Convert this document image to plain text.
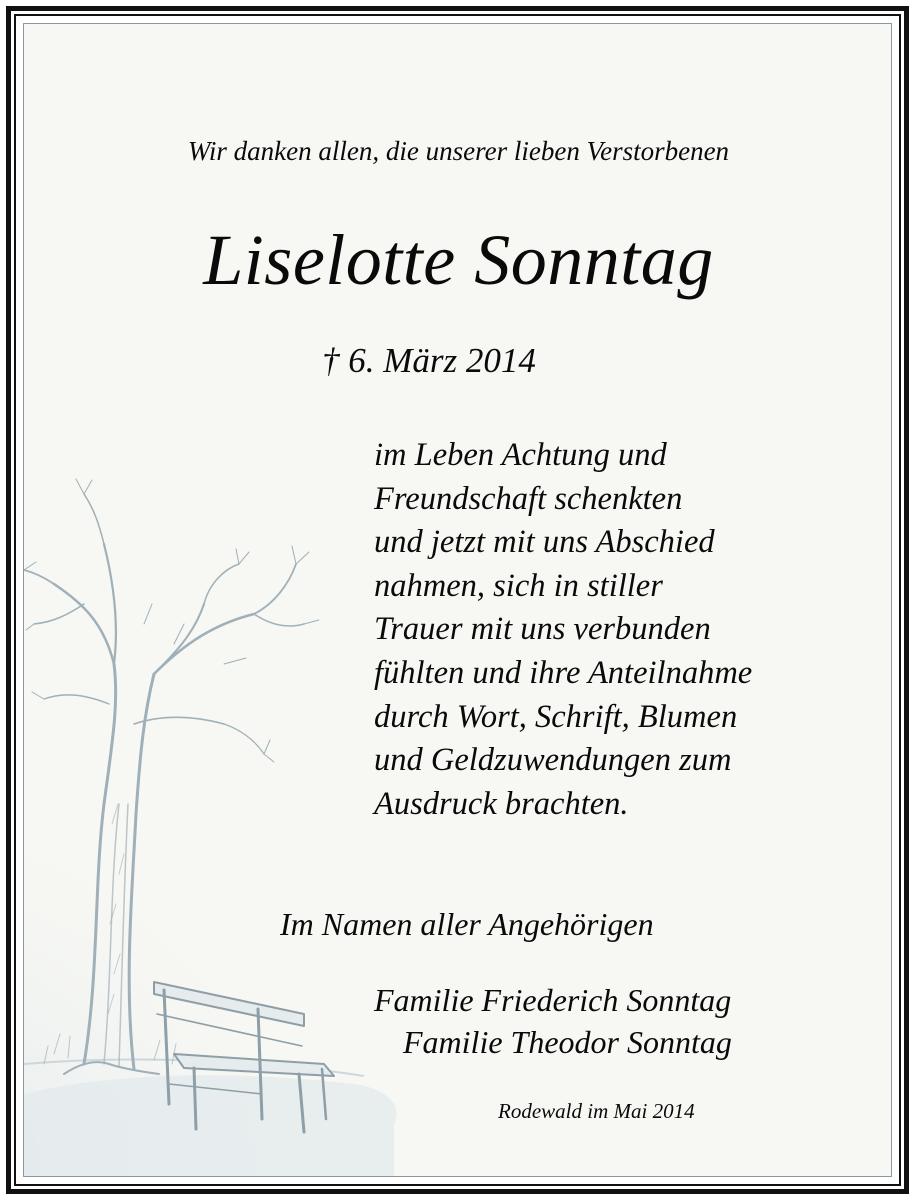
Wir danken allen, die unserer lieben Verstorbenen

Liselotte Sonntag

† 6. März 2014

im Leben Achtung und
Freundschaft schenkten
und jetzt mit uns Abschied
nahmen, sich in stiller
Trauer mit uns verbunden
fühlten und ihre Anteilnahme
durch Wort, Schrift, Blumen
und Geldzuwendungen zum
Ausdruck brachten.

Im Namen aller Angehörigen

Familie Friederich Sonntag
Familie Theodor Sonntag

Rodewald im Mai 2014
